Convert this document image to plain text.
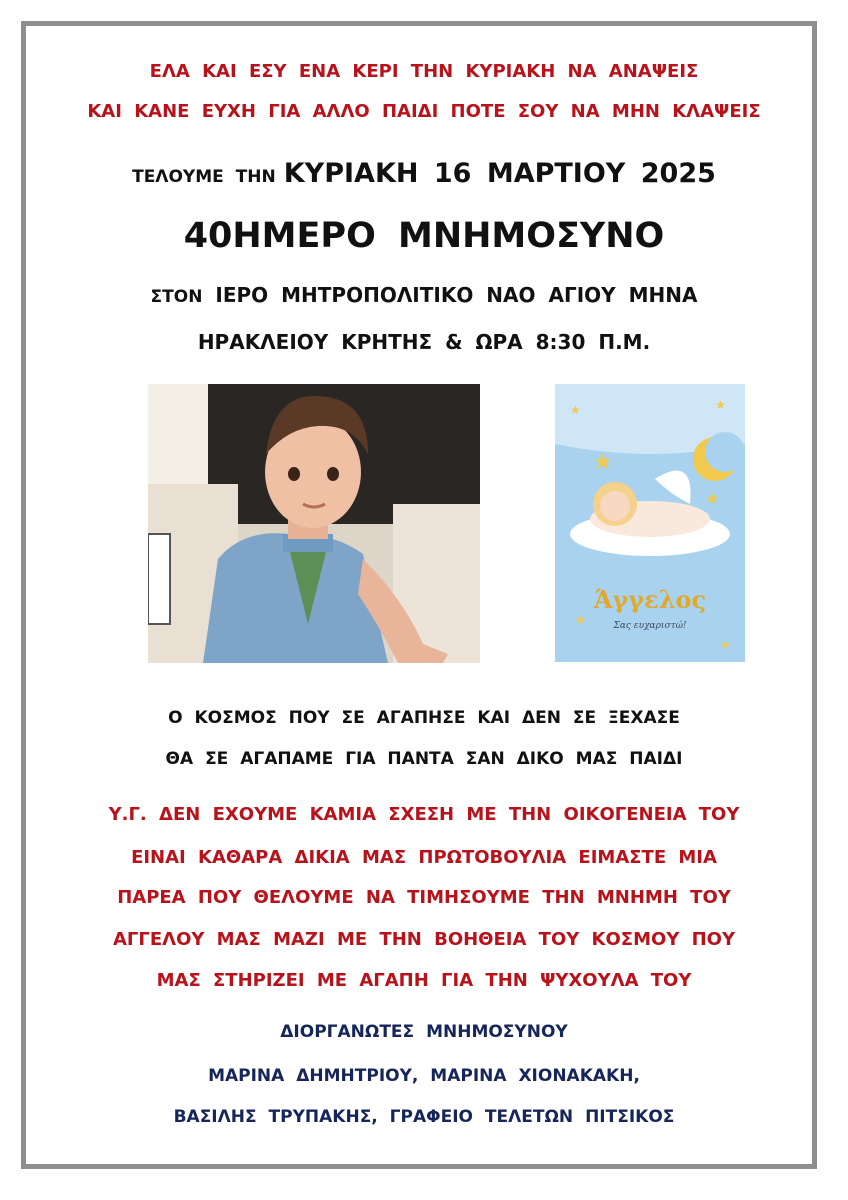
ΕΛΑ ΚΑΙ ΕΣΥ ΕΝΑ ΚΕΡΙ ΤΗΝ ΚΥΡΙΑΚΗ ΝΑ ΑΝΑΨΕΙΣ
ΚΑΙ ΚΑΝΕ ΕΥΧΗ ΓΙΑ ΑΛΛΟ ΠΑΙΔΙ ΠΟΤΕ ΣΟΥ ΝΑ ΜΗΝ ΚΛΑΨΕΙΣ
ΤΕΛΟΥΜΕ ΤΗΝ ΚΥΡΙΑΚΗ 16 ΜΑΡΤΙΟΥ 2025
40ΗΜΕΡΟ ΜΝΗΜΟΣΥΝΟ
ΣΤΟΝ ΙΕΡΟ ΜΗΤΡΟΠΟΛΙΤΙΚΟ ΝΑΟ ΑΓΙΟΥ ΜΗΝΑ
ΗΡΑΚΛΕΙΟΥ ΚΡΗΤΗΣ & ΩΡΑ 8:30 Π.Μ.
★
★
★	★
★
★
Άγγελος
Σας ευχαριστώ!
Ο ΚΟΣΜΟΣ ΠΟΥ ΣΕ ΑΓΑΠΗΣΕ ΚΑΙ ΔΕΝ ΣΕ ΞΕΧΑΣΕ
ΘΑ ΣΕ ΑΓΑΠΑΜΕ ΓΙΑ ΠΑΝΤΑ ΣΑΝ ΔΙΚΟ ΜΑΣ ΠΑΙΔΙ
Υ.Γ. ΔΕΝ ΕΧΟΥΜΕ ΚΑΜΙΑ ΣΧΕΣΗ ΜΕ ΤΗΝ ΟΙΚΟΓΕΝΕΙΑ ΤΟΥ
ΕΙΝΑΙ ΚΑΘΑΡΑ ΔΙΚΙΑ ΜΑΣ ΠΡΩΤΟΒΟΥΛΙΑ ΕΙΜΑΣΤΕ ΜΙΑ
ΠΑΡΕΑ ΠΟΥ ΘΕΛΟΥΜΕ ΝΑ ΤΙΜΗΣΟΥΜΕ ΤΗΝ ΜΝΗΜΗ ΤΟΥ
ΑΓΓΕΛΟΥ ΜΑΣ ΜΑΖΙ ΜΕ ΤΗΝ ΒΟΗΘΕΙΑ ΤΟΥ ΚΟΣΜΟΥ ΠΟΥ
ΜΑΣ ΣΤΗΡΙΖΕΙ ΜΕ ΑΓΑΠΗ ΓΙΑ ΤΗΝ ΨΥΧΟΥΛΑ ΤΟΥ
ΔΙΟΡΓΑΝΩΤΕΣ ΜΝΗΜΟΣΥΝΟΥ
ΜΑΡΙΝΑ ΔΗΜΗΤΡΙΟΥ, ΜΑΡΙΝΑ ΧΙΟΝΑΚΑΚΗ,
ΒΑΣΙΛΗΣ ΤΡΥΠΑΚΗΣ, ΓΡΑΦΕΙΟ ΤΕΛΕΤΩΝ ΠΙΤΣΙΚΟΣ
